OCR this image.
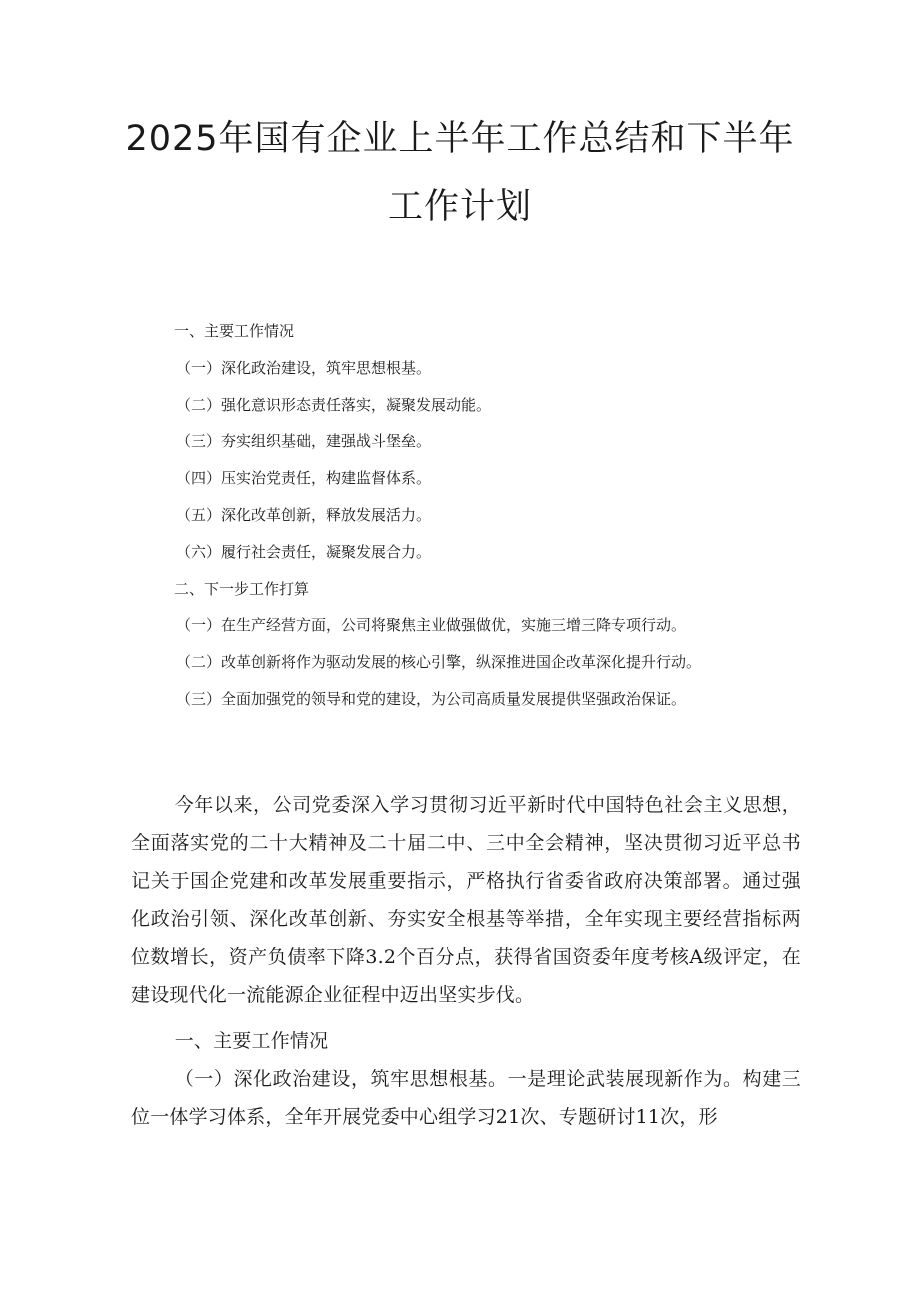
2025年国有企业上半年工作总结和下半年
工作计划
一、主要工作情况
（一）深化政治建设，筑牢思想根基。
（二）强化意识形态责任落实，凝聚发展动能。
（三）夯实组织基础，建强战斗堡垒。
（四）压实治党责任，构建监督体系。
（五）深化改革创新，释放发展活力。
（六）履行社会责任，凝聚发展合力。
二、下一步工作打算
（一）在生产经营方面，公司将聚焦主业做强做优，实施三增三降专项行动。
（二）改革创新将作为驱动发展的核心引擎，纵深推进国企改革深化提升行动。
（三）全面加强党的领导和党的建设，为公司高质量发展提供坚强政治保证。

今年以来，公司党委深入学习贯彻习近平新时代中国特色社会主义思想，全面落实党的二十大精神及二十届二中、三中全会精神，坚决贯彻习近平总书记关于国企党建和改革发展重要指示，严格执行省委省政府决策部署。通过强化政治引领、深化改革创新、夯实安全根基等举措，全年实现主要经营指标两位数增长，资产负债率下降3.2个百分点，获得省国资委年度考核A级评定，在建设现代化一流能源企业征程中迈出坚实步伐。

一、主要工作情况

（一）深化政治建设，筑牢思想根基。一是理论武装展现新作为。构建三位一体学习体系，全年开展党委中心组学习21次、专题研讨11次，形
